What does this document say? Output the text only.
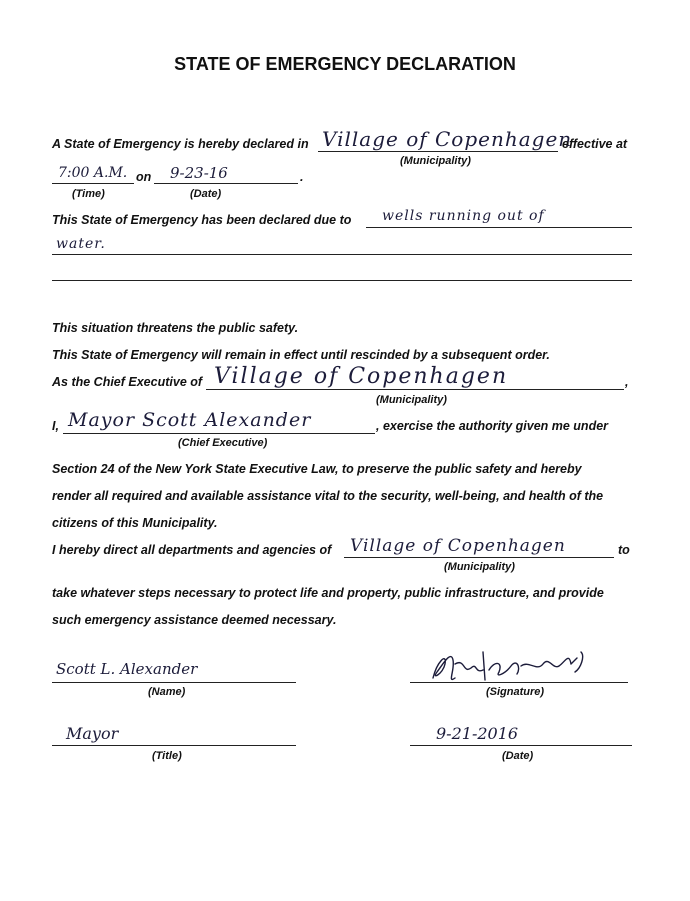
STATE OF EMERGENCY DECLARATION
A State of Emergency is hereby declared in Village of Copenhagen
effective at
(Municipality)
7:00 A.M. on 9-23-16	.
(Time)	(Date)
This State of Emergency has been declared due to wells running out of
water.
This situation threatens the public safety.
This State of Emergency will remain in effect until rescinded by a subsequent order.
As the Chief Executive of Village of Copenhagen	,
(Municipality)
I, Mayor Scott Alexander	, exercise the authority given me under
(Chief Executive)
Section 24 of the New York State Executive Law, to preserve the public safety and hereby
render all required and available assistance vital to the security, well-being, and health of the
citizens of this Municipality.
I hereby direct all departments and agencies of Village of Copenhagen	to
(Municipality)
take whatever steps necessary to protect life and property, public infrastructure, and provide
such emergency assistance deemed necessary.
Scott L. Alexander
(Name)	(Signature)
Mayor
(Title)
9-21-2016
(Date)
